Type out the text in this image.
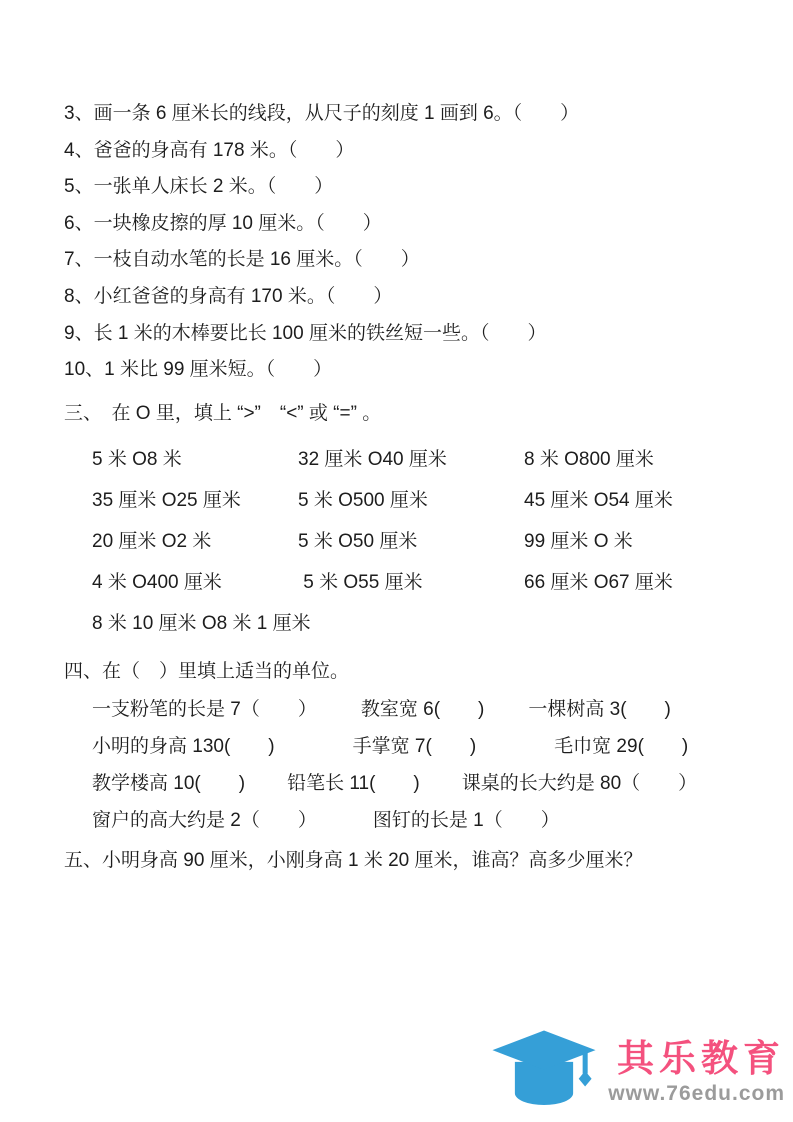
3、画一条 6 厘米长的线段，从尺子的刻度 1 画到 6。（　　）
4、爸爸的身高有 178 米。（　　）
5、一张单人床长 2 米。（　　）
6、一块橡皮擦的厚 10 厘米。（　　）
7、一枝自动水笔的长是 16 厘米。（　　）
8、小红爸爸的身高有 170 米。（　　）
9、长 1 米的木棒要比长 100 厘米的铁丝短一些。（　　）
10、1 米比 99 厘米短。（　　）
三、　在 O 里，填上 “>”　“<” 或 “=” 。
5 米 O8 米	32 厘米 O40 厘米	8 米 O800 厘米
35 厘米 O25 厘米	5 米 O500 厘米	45 厘米 O54 厘米
20 厘米 O2 米	5 米 O50 厘米	99 厘米 O 米
4 米 O400 厘米	5 米 O55 厘米	66 厘米 O67 厘米
8 米 10 厘米 O8 米 1 厘米
四、在（　）里填上适当的单位。
一支粉笔的长是 7（　　） 教室宽 6(　　) 一棵树高 3(　　)
小明的身高 130(　　)	手掌宽 7(　　)	毛巾宽 29(　　)
教学楼高 10(　　) 铅笔长 11(　　) 课桌的长大约是 80（　　）
窗户的高大约是 2（　　）	图钉的长是 1（　　）
五、小明身高 90 厘米，小刚身高 1 米 20 厘米，谁高？高多少厘米？
其乐教育
www.76edu.com
